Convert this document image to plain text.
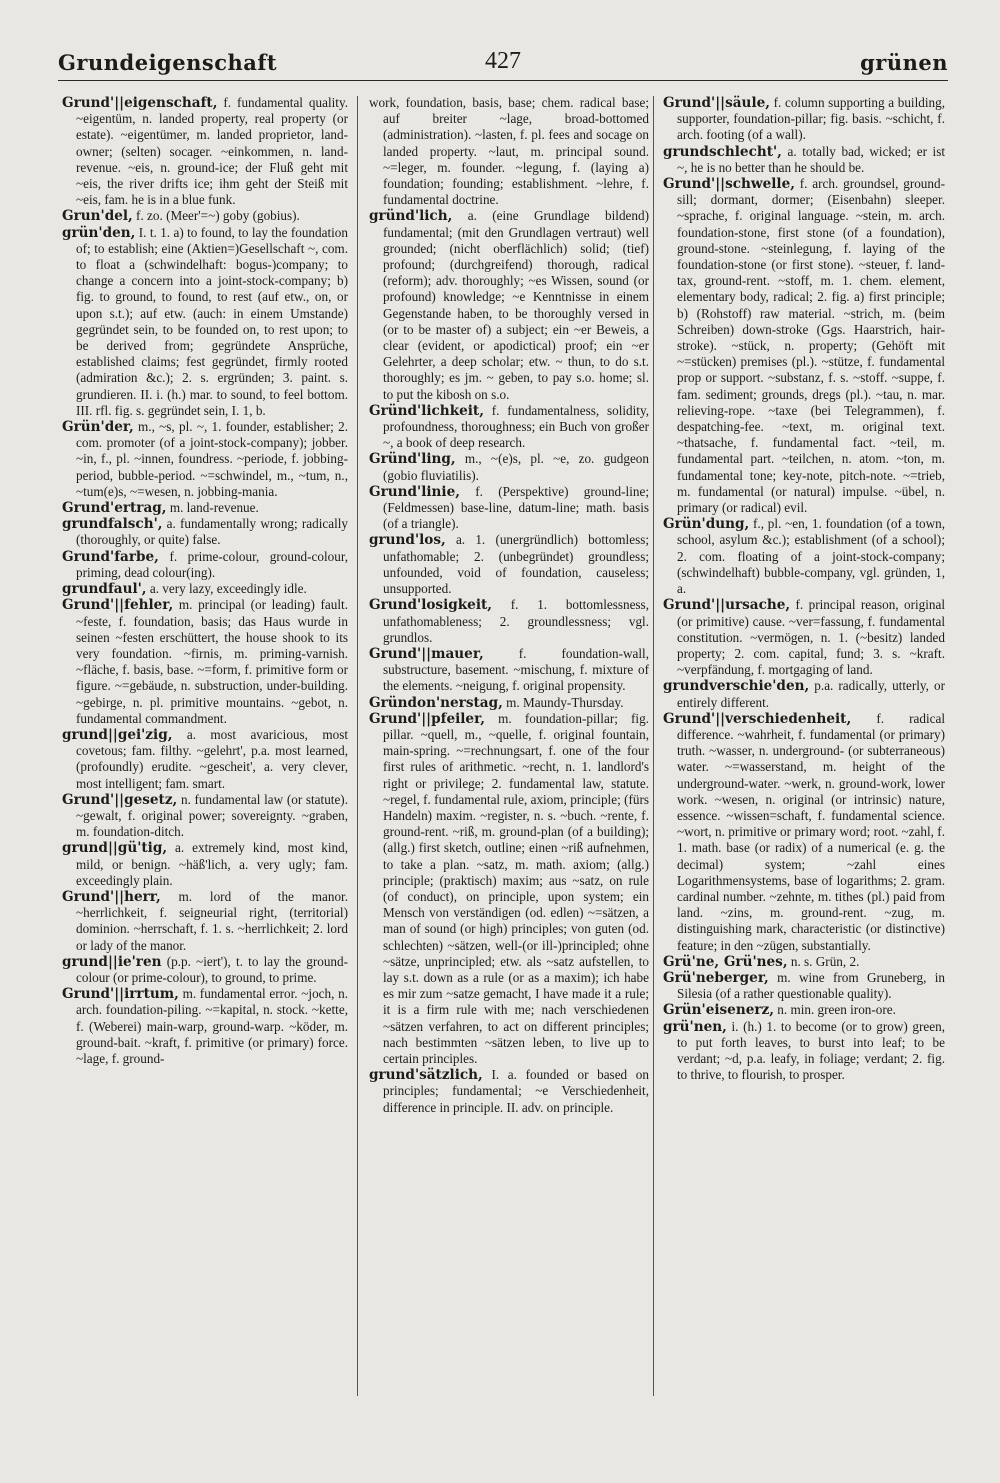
Grundeigenschaft	427	grünen
Grund'||eigenschaft, f. fundamental quality. ~eigentüm, n. landed property, real property (or estate). ~eigentümer, m. landed proprietor, land-owner; (selten) socager. ~einkommen, n. land-revenue. ~eis, n. ground-ice; der Fluß geht mit ~eis, the river drifts ice; ihm geht der Steiß mit ~eis, fam. he is in a blue funk.
Grun'del, f. zo. (Meer'=~) goby (gobius).
grün'den, I. t. 1. a) to found, to lay the foundation of; to establish; eine (Aktien=)Gesellschaft ~, com. to float a (schwindelhaft: bogus-)company; to change a concern into a joint-stock-company; b) fig. to ground, to found, to rest (auf etw., on, or upon s.t.); auf etw. (auch: in einem Umstande) gegründet sein, to be founded on, to rest upon; to be derived from; gegründete Ansprüche, established claims; fest gegründet, firmly rooted (admiration &c.); 2. s. ergründen; 3. paint. s. grundieren. II. i. (h.) mar. to sound, to feel bottom. III. rfl. fig. s. gegründet sein, I. 1, b.
Grün'der, m., ~s, pl. ~, 1. founder, establisher; 2. com. promoter (of a joint-stock-company); jobber. ~in, f., pl. ~innen, foundress. ~periode, f. jobbing-period, bubble-period. ~=schwindel, m., ~tum, n., ~tum(e)s, ~=wesen, n. jobbing-mania.
Grund'ertrag, m. land-revenue.
grundfalsch', a. fundamentally wrong; radically (thoroughly, or quite) false.
Grund'farbe, f. prime-colour, ground-colour, priming, dead colour(ing).
grundfaul', a. very lazy, exceedingly idle.
Grund'||fehler, m. principal (or leading) fault. ~feste, f. foundation, basis; das Haus wurde in seinen ~festen erschüttert, the house shook to its very foundation. ~firnis, m. priming-varnish. ~fläche, f. basis, base. ~=form, f. primitive form or figure. ~=gebäude, n. substruction, under-building. ~gebirge, n. pl. primitive mountains. ~gebot, n. fundamental commandment.
grund||gei'zig, a. most avaricious, most covetous; fam. filthy. ~gelehrt', p.a. most learned, (profoundly) erudite. ~gescheit', a. very clever, most intelligent; fam. smart.
Grund'||gesetz, n. fundamental law (or statute). ~gewalt, f. original power; sovereignty. ~graben, m. foundation-ditch.
grund||gü'tig, a. extremely kind, most kind, mild, or benign. ~häß'lich, a. very ugly; fam. exceedingly plain.
Grund'||herr, m. lord of the manor. ~herrlichkeit, f. seigneurial right, (territorial) dominion. ~herrschaft, f. 1. s. ~herrlichkeit; 2. lord or lady of the manor.
grund||ie'ren (p.p. ~iert'), t. to lay the ground-colour (or prime-colour), to ground, to prime.
Grund'||irrtum, m. fundamental error. ~joch, n. arch. foundation-piling. ~=kapital, n. stock. ~kette, f. (Weberei) main-warp, ground-warp. ~köder, m. ground-bait. ~kraft, f. primitive (or primary) force. ~lage, f. ground-
work, foundation, basis, base; chem. radical base; auf breiter ~lage, broad-bottomed (administration). ~lasten, f. pl. fees and socage on landed property. ~laut, m. principal sound. ~=leger, m. founder. ~legung, f. (laying a) foundation; founding; establishment. ~lehre, f. fundamental doctrine.
gründ'lich, a. (eine Grundlage bildend) fundamental; (mit den Grundlagen vertraut) well grounded; (nicht oberflächlich) solid; (tief) profound; (durchgreifend) thorough, radical (reform); adv. thoroughly; ~es Wissen, sound (or profound) knowledge; ~e Kenntnisse in einem Gegenstande haben, to be thoroughly versed in (or to be master of) a subject; ein ~er Beweis, a clear (evident, or apodictical) proof; ein ~er Gelehrter, a deep scholar; etw. ~ thun, to do s.t. thoroughly; es jm. ~ geben, to pay s.o. home; sl. to put the kibosh on s.o.
Gründ'lichkeit, f. fundamentalness, solidity, profoundness, thoroughness; ein Buch von großer ~, a book of deep research.
Gründ'ling, m., ~(e)s, pl. ~e, zo. gudgeon (gobio fluviatilis).
Grund'linie, f. (Perspektive) ground-line; (Feldmessen) base-line, datum-line; math. basis (of a triangle).
grund'los, a. 1. (unergründlich) bottomless; unfathomable; 2. (unbegründet) groundless; unfounded, void of foundation, causeless; unsupported.
Grund'losigkeit, f. 1. bottomlessness, unfathomableness; 2. groundlessness; vgl. grundlos.
Grund'||mauer, f. foundation-wall, substructure, basement. ~mischung, f. mixture of the elements. ~neigung, f. original propensity.
Gründon'nerstag, m. Maundy-Thursday.
Grund'||pfeiler, m. foundation-pillar; fig. pillar. ~quell, m., ~quelle, f. original fountain, main-spring. ~=rechnungsart, f. one of the four first rules of arithmetic. ~recht, n. 1. landlord's right or privilege; 2. fundamental law, statute. ~regel, f. fundamental rule, axiom, principle; (fürs Handeln) maxim. ~register, n. s. ~buch. ~rente, f. ground-rent. ~riß, m. ground-plan (of a building); (allg.) first sketch, outline; einen ~riß aufnehmen, to take a plan. ~satz, m. math. axiom; (allg.) principle; (praktisch) maxim; aus ~satz, on rule (of conduct), on principle, upon system; ein Mensch von verständigen (od. edlen) ~=sätzen, a man of sound (or high) principles; von guten (od. schlechten) ~sätzen, well-(or ill-)principled; ohne ~sätze, unprincipled; etw. als ~satz aufstellen, to lay s.t. down as a rule (or as a maxim); ich habe es mir zum ~satze gemacht, I have made it a rule; it is a firm rule with me; nach verschiedenen ~sätzen verfahren, to act on different principles; nach bestimmten ~sätzen leben, to live up to certain principles.
grund'sätzlich, I. a. founded or based on principles; fundamental; ~e Verschiedenheit, difference in principle. II. adv. on principle.
Grund'||säule, f. column supporting a building, supporter, foundation-pillar; fig. basis. ~schicht, f. arch. footing (of a wall).
grundschlecht', a. totally bad, wicked; er ist ~, he is no better than he should be.
Grund'||schwelle, f. arch. groundsel, ground-sill; dormant, dormer; (Eisenbahn) sleeper. ~sprache, f. original language. ~stein, m. arch. foundation-stone, first stone (of a foundation), ground-stone. ~steinlegung, f. laying of the foundation-stone (or first stone). ~steuer, f. land-tax, ground-rent. ~stoff, m. 1. chem. element, elementary body, radical; 2. fig. a) first principle; b) (Rohstoff) raw material. ~strich, m. (beim Schreiben) down-stroke (Ggs. Haarstrich, hair-stroke). ~stück, n. property; (Gehöft mit ~=stücken) premises (pl.). ~stütze, f. fundamental prop or support. ~substanz, f. s. ~stoff. ~suppe, f. fam. sediment; grounds, dregs (pl.). ~tau, n. mar. relieving-rope. ~taxe (bei Telegrammen), f. despatching-fee. ~text, m. original text. ~thatsache, f. fundamental fact. ~teil, m. fundamental part. ~teilchen, n. atom. ~ton, m. fundamental tone; key-note, pitch-note. ~=trieb, m. fundamental (or natural) impulse. ~übel, n. primary (or radical) evil.
Grün'dung, f., pl. ~en, 1. foundation (of a town, school, asylum &c.); establishment (of a school); 2. com. floating of a joint-stock-company; (schwindelhaft) bubble-company, vgl. gründen, 1, a.
Grund'||ursache, f. principal reason, original (or primitive) cause. ~ver=fassung, f. fundamental constitution. ~vermögen, n. 1. (~besitz) landed property; 2. com. capital, fund; 3. s. ~kraft. ~verpfändung, f. mortgaging of land.
grundverschie'den, p.a. radically, utterly, or entirely different.
Grund'||verschiedenheit, f. radical difference. ~wahrheit, f. fundamental (or primary) truth. ~wasser, n. underground- (or subterraneous) water. ~=wasserstand, m. height of the underground-water. ~werk, n. ground-work, lower work. ~wesen, n. original (or intrinsic) nature, essence. ~wissen=schaft, f. fundamental science. ~wort, n. primitive or primary word; root. ~zahl, f. 1. math. base (or radix) of a numerical (e. g. the decimal) system; ~zahl eines Logarithmensystems, base of logarithms; 2. gram. cardinal number. ~zehnte, m. tithes (pl.) paid from land. ~zins, m. ground-rent. ~zug, m. distinguishing mark, characteristic (or distinctive) feature; in den ~zügen, substantially.
Grü'ne, Grü'nes, n. s. Grün, 2.
Grü'neberger, m. wine from Gruneberg, in Silesia (of a rather questionable quality).
Grün'eisenerz, n. min. green iron-ore.
grü'nen, i. (h.) 1. to become (or to grow) green, to put forth leaves, to burst into leaf; to be verdant; ~d, p.a. leafy, in foliage; verdant; 2. fig. to thrive, to flourish, to prosper.
